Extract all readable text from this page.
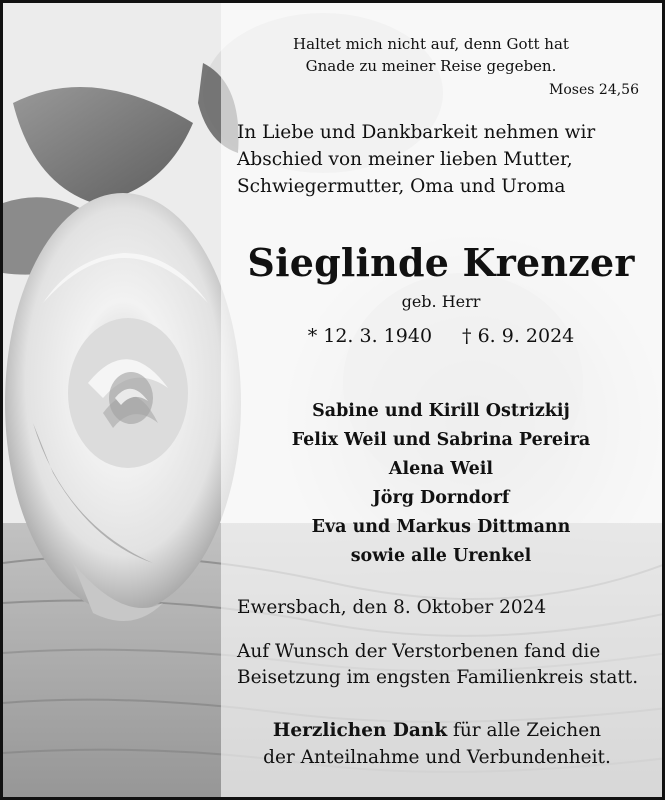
Haltet mich nicht auf, denn Gott hat
Gnade zu meiner Reise gegeben.

Moses 24,56

In Liebe und Dankbarkeit nehmen wir
Abschied von meiner lieben Mutter,
Schwiegermutter, Oma und Uroma

Sieglinde Krenzer

geb. Herr

* 12. 3. 1940 † 6. 9. 2024

Sabine und Kirill Ostrizkij
Felix Weil und Sabrina Pereira
Alena Weil
Jörg Dorndorf
Eva und Markus Dittmann
sowie alle Urenkel

Ewersbach, den 8. Oktober 2024

Auf Wunsch der Verstorbenen fand die
Beisetzung im engsten Familienkreis statt.
Herzlichen Dank für alle Zeichen
der Anteilnahme und Verbundenheit.
